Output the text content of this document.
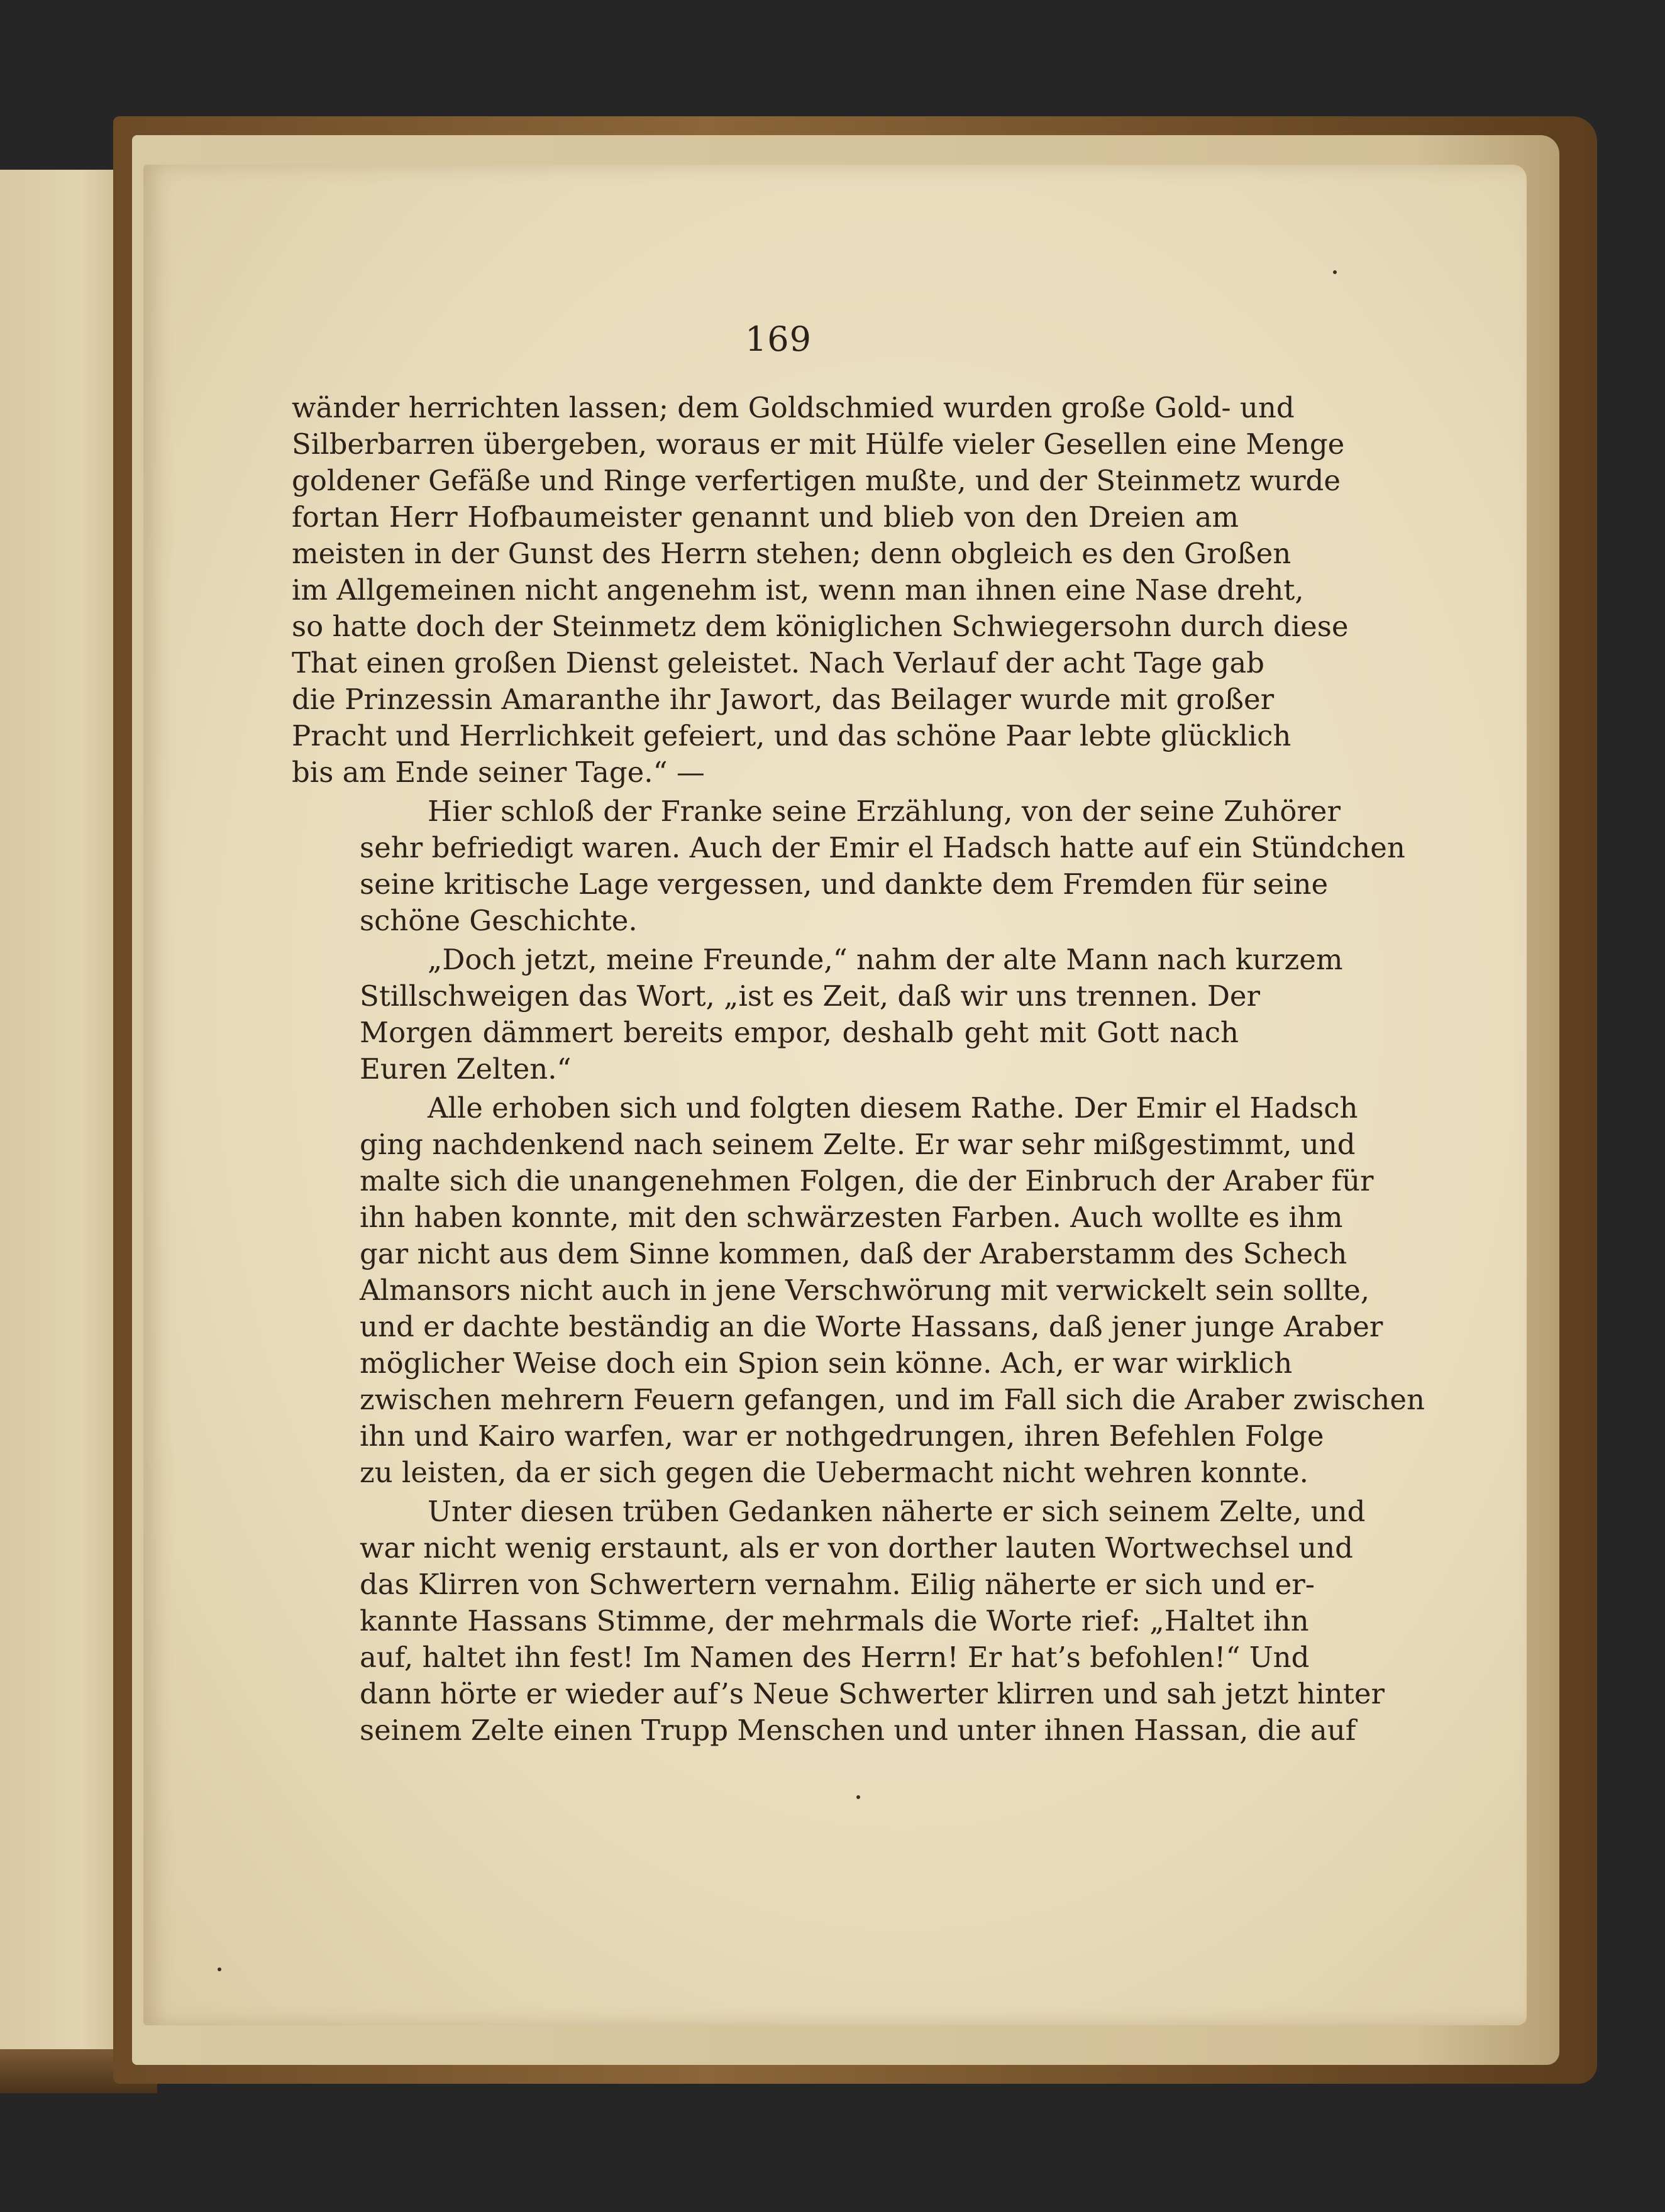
169
wänder herrichten lassen; dem Goldschmied wurden große Gold- und
Silberbarren übergeben, woraus er mit Hülfe vieler Gesellen eine Menge
goldener Gefäße und Ringe verfertigen mußte, und der Steinmetz wurde
fortan Herr Hofbaumeister genannt und blieb von den Dreien am
meisten in der Gunst des Herrn stehen; denn obgleich es den Großen
im Allgemeinen nicht angenehm ist, wenn man ihnen eine Nase dreht,
so hatte doch der Steinmetz dem königlichen Schwiegersohn durch diese
That einen großen Dienst geleistet. Nach Verlauf der acht Tage gab
die Prinzessin Amaranthe ihr Jawort, das Beilager wurde mit großer
Pracht und Herrlichkeit gefeiert, und das schöne Paar lebte glücklich
bis am Ende seiner Tage.“ —
Hier schloß der Franke seine Erzählung, von der seine Zuhörer
sehr befriedigt waren. Auch der Emir el Hadsch hatte auf ein Stündchen
seine kritische Lage vergessen, und dankte dem Fremden für seine
schöne Geschichte.
„Doch jetzt, meine Freunde,“ nahm der alte Mann nach kurzem
Stillschweigen das Wort, „ist es Zeit, daß wir uns trennen. Der
Morgen dämmert bereits empor, deshalb geht mit Gott nach
Euren Zelten.“
Alle erhoben sich und folgten diesem Rathe. Der Emir el Hadsch
ging nachdenkend nach seinem Zelte. Er war sehr mißgestimmt, und
malte sich die unangenehmen Folgen, die der Einbruch der Araber für
ihn haben konnte, mit den schwärzesten Farben. Auch wollte es ihm
gar nicht aus dem Sinne kommen, daß der Araberstamm des Schech
Almansors nicht auch in jene Verschwörung mit verwickelt sein sollte,
und er dachte beständig an die Worte Hassans, daß jener junge Araber
möglicher Weise doch ein Spion sein könne. Ach, er war wirklich
zwischen mehrern Feuern gefangen, und im Fall sich die Araber zwischen
ihn und Kairo warfen, war er nothgedrungen, ihren Befehlen Folge
zu leisten, da er sich gegen die Uebermacht nicht wehren konnte.
Unter diesen trüben Gedanken näherte er sich seinem Zelte, und
war nicht wenig erstaunt, als er von dorther lauten Wortwechsel und
das Klirren von Schwertern vernahm. Eilig näherte er sich und er-
kannte Hassans Stimme, der mehrmals die Worte rief: „Haltet ihn
auf, haltet ihn fest! Im Namen des Herrn! Er hat’s befohlen!“ Und
dann hörte er wieder auf’s Neue Schwerter klirren und sah jetzt hinter
seinem Zelte einen Trupp Menschen und unter ihnen Hassan, die auf
